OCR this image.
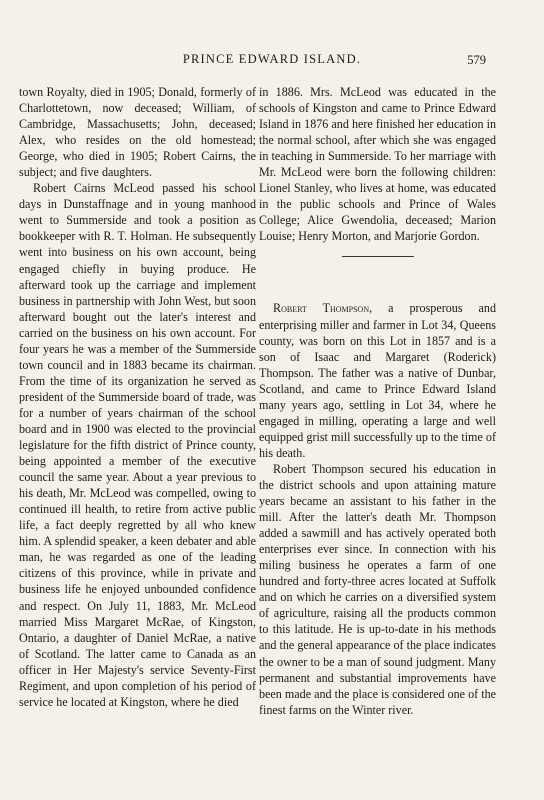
PRINCE EDWARD ISLAND.	579

town Royalty, died in 1905; Donald, formerly of Charlottetown, now deceased; William, of Cambridge, Massachusetts; John, deceased; Alex, who resides on the old homestead; George, who died in 1905; Robert Cairns, the subject; and five daughters.

Robert Cairns McLeod passed his school days in Dunstaffnage and in young manhood went to Summerside and took a position as bookkeeper with R. T. Holman. He subsequently went into business on his own account, being engaged chiefly in buying produce. He afterward took up the carriage and implement business in partnership with John West, but soon afterward bought out the later's interest and carried on the business on his own account. For four years he was a member of the Summerside town council and in 1883 became its chairman. From the time of its organization he served as president of the Summerside board of trade, was for a number of years chairman of the school board and in 1900 was elected to the provincial legislature for the fifth district of Prince county, being appointed a member of the executive council the same year. About a year previous to his death, Mr. McLeod was compelled, owing to continued ill health, to retire from active public life, a fact deeply regretted by all who knew him. A splendid speaker, a keen debater and able man, he was regarded as one of the leading citizens of this province, while in private and business life he enjoyed unbounded confidence and respect. On July 11, 1883, Mr. McLeod married Miss Margaret McRae, of Kingston, Ontario, a daughter of Daniel McRae, a native of Scotland. The latter came to Canada as an officer in Her Majesty's service Seventy-First Regiment, and upon completion of his period of service he located at Kingston, where he died

in 1886. Mrs. McLeod was educated in the schools of Kingston and came to Prince Edward Island in 1876 and here finished her education in the normal school, after which she was engaged in teaching in Summerside. To her marriage with Mr. McLeod were born the following children: Lionel Stanley, who lives at home, was educated in the public schools and Prince of Wales College; Alice Gwendolia, deceased; Marion Louise; Henry Morton, and Marjorie Gordon.

Robert Thompson, a prosperous and enterprising miller and farmer in Lot 34, Queens county, was born on this Lot in 1857 and is a son of Isaac and Margaret (Roderick) Thompson. The father was a native of Dunbar, Scotland, and came to Prince Edward Island many years ago, settling in Lot 34, where he engaged in milling, operating a large and well equipped grist mill successfully up to the time of his death.

Robert Thompson secured his education in the district schools and upon attaining mature years became an assistant to his father in the mill. After the latter's death Mr. Thompson added a sawmill and has actively operated both enterprises ever since. In connection with his miling business he operates a farm of one hundred and forty-three acres located at Suffolk and on which he carries on a diversified system of agriculture, raising all the products common to this latitude. He is up-to-date in his methods and the general appearance of the place indicates the owner to be a man of sound judgment. Many permanent and substantial improvements have been made and the place is considered one of the finest farms on the Winter river.
